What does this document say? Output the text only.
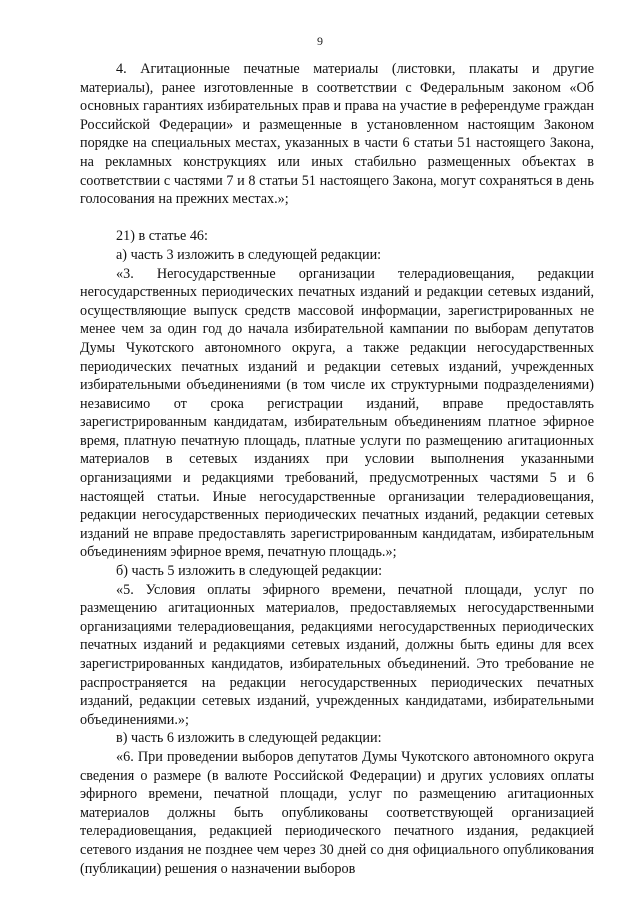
9

4. Агитационные печатные материалы (листовки, плакаты и другие материалы), ранее изготовленные в соответствии с Федеральным законом «Об основных гарантиях избирательных прав и права на участие в референдуме граждан Российской Федерации» и размещенные в установленном настоящим Законом порядке на специальных местах, указанных в части 6 статьи 51 настоящего Закона, на рекламных конструкциях или иных стабильно размещенных объектах в соответствии с частями 7 и 8 статьи 51 настоящего Закона, могут сохраняться в день голосования на прежних местах.»;

21) в статье 46:

а) часть 3 изложить в следующей редакции:

«3. Негосударственные организации телерадиовещания, редакции негосударственных периодических печатных изданий и редакции сетевых изданий, осуществляющие выпуск средств массовой информации, зарегистрированных не менее чем за один год до начала избирательной кампании по выборам депутатов Думы Чукотского автономного округа, а также редакции негосударственных периодических печатных изданий и редакции сетевых изданий, учрежденных избирательными объединениями (в том числе их структурными подразделениями) независимо от срока регистрации изданий, вправе предоставлять зарегистрированным кандидатам, избирательным объединениям платное эфирное время, платную печатную площадь, платные услуги по размещению агитационных материалов в сетевых изданиях при условии выполнения указанными организациями и редакциями требований, предусмотренных частями 5 и 6 настоящей статьи. Иные негосударственные организации телерадиовещания, редакции негосударственных периодических печатных изданий, редакции сетевых изданий не вправе предоставлять зарегистрированным кандидатам, избирательным объединениям эфирное время, печатную площадь.»;

б) часть 5 изложить в следующей редакции:

«5. Условия оплаты эфирного времени, печатной площади, услуг по размещению агитационных материалов, предоставляемых негосударственными организациями телерадиовещания, редакциями негосударственных периодических печатных изданий и редакциями сетевых изданий, должны быть едины для всех зарегистрированных кандидатов, избирательных объединений. Это требование не распространяется на редакции негосударственных периодических печатных изданий, редакции сетевых изданий, учрежденных кандидатами, избирательными объединениями.»;

в) часть 6 изложить в следующей редакции:

«6. При проведении выборов депутатов Думы Чукотского автономного округа сведения о размере (в валюте Российской Федерации) и других условиях оплаты эфирного времени, печатной площади, услуг по размещению агитационных материалов должны быть опубликованы соответствующей организацией телерадиовещания, редакцией периодического печатного издания, редакцией сетевого издания не позднее чем через 30 дней со дня официального опубликования (публикации) решения о назначении выборов
